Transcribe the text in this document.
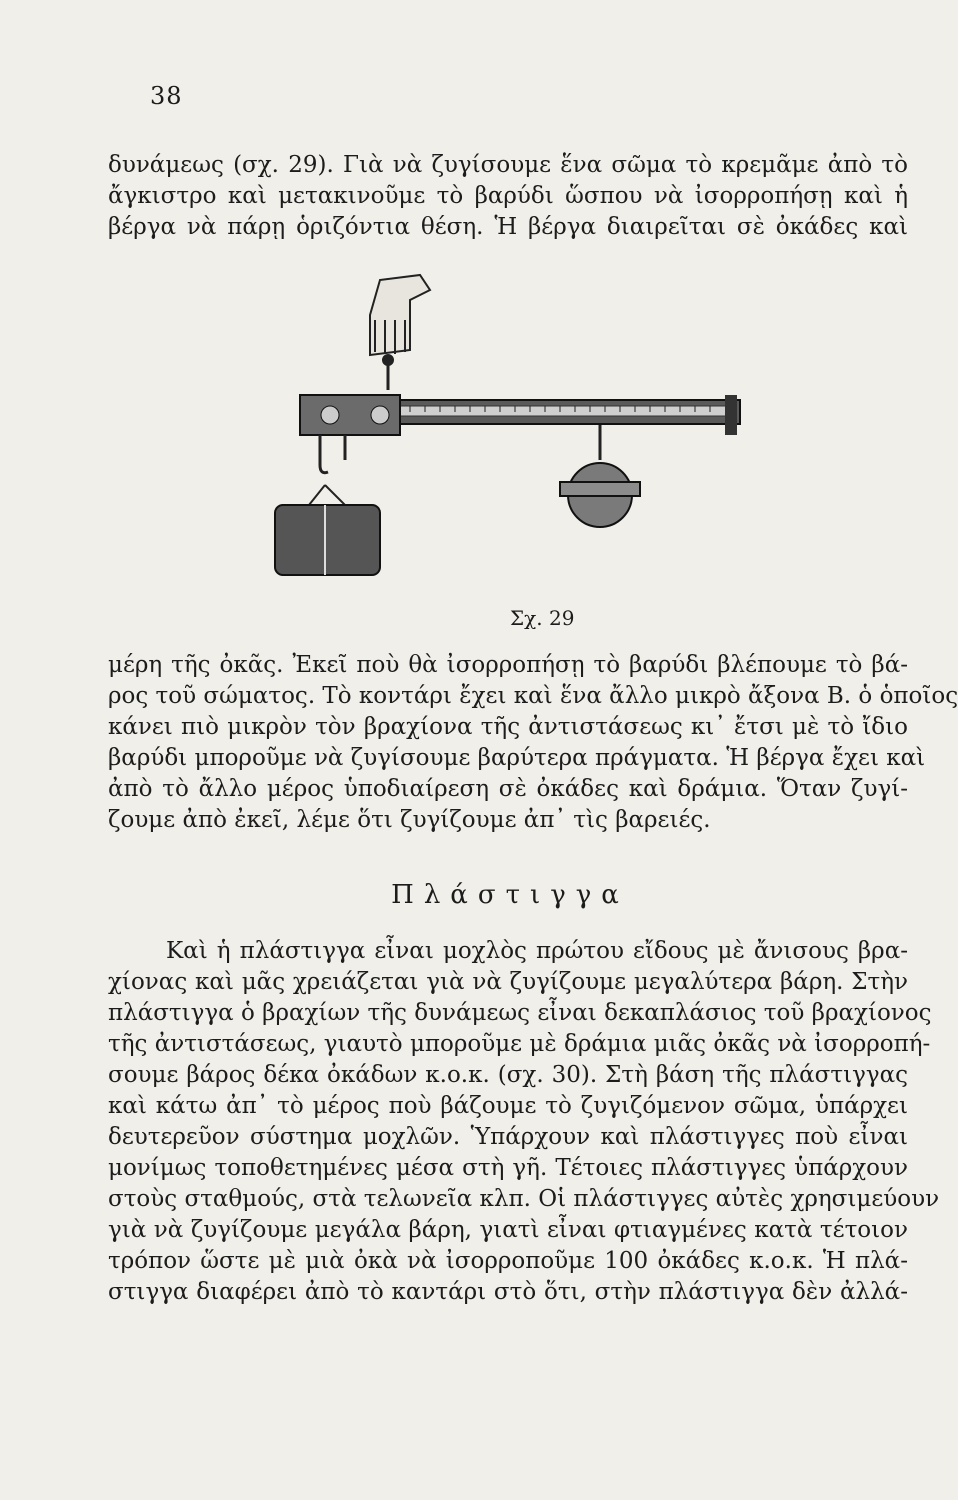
38
δυνάμεως (σχ. 29). Γιὰ νὰ ζυγίσουμε ἕνα σῶμα τὸ κρεμᾶμε ἀπὸ τὸ
ἄγκιστρο καὶ μετακινοῦμε τὸ βαρύδι ὥσπου νὰ ἰσορροπήσῃ καὶ ἡ
βέργα νὰ πάρῃ ὁριζόντια θέση. Ἡ βέργα διαιρεῖται σὲ ὀκάδες καὶ
Σχ. 29
μέρη τῆς ὀκᾶς. Ἐκεῖ ποὺ θὰ ἰσορροπήσῃ τὸ βαρύδι βλέπουμε τὸ βά-
ρος τοῦ σώματος. Τὸ κοντάρι ἔχει καὶ ἕνα ἄλλο μικρὸ ἄξονα Β. ὁ ὁποῖος
κάνει πιὸ μικρὸν τὸν βραχίονα τῆς ἀντιστάσεως κι᾽ ἔτσι μὲ τὸ ἴδιο
βαρύδι μποροῦμε νὰ ζυγίσουμε βαρύτερα πράγματα. Ἡ βέργα ἔχει καὶ
ἀπὸ τὸ ἄλλο μέρος ὑποδιαίρεση σὲ ὀκάδες καὶ δράμια. Ὅταν ζυγί-
ζουμε ἀπὸ ἐκεῖ, λέμε ὅτι ζυγίζουμε ἀπ᾽ τὶς βαρειές.
Πλάστιγγα
Καὶ ἡ πλάστιγγα εἶναι μοχλὸς πρώτου εἴδους μὲ ἄνισους βρα-
χίονας καὶ μᾶς χρειάζεται γιὰ νὰ ζυγίζουμε μεγαλύτερα βάρη. Στὴν
πλάστιγγα ὁ βραχίων τῆς δυνάμεως εἶναι δεκαπλάσιος τοῦ βραχίονος
τῆς ἀντιστάσεως, γιαυτὸ μποροῦμε μὲ δράμια μιᾶς ὀκᾶς νὰ ἰσορροπή-
σουμε βάρος δέκα ὀκάδων κ.ο.κ. (σχ. 30). Στὴ βάση τῆς πλάστιγγας
καὶ κάτω ἀπ᾽ τὸ μέρος ποὺ βάζουμε τὸ ζυγιζόμενον σῶμα, ὑπάρχει
δευτερεῦον σύστημα μοχλῶν. Ὑπάρχουν καὶ πλάστιγγες ποὺ εἶναι
μονίμως τοποθετημένες μέσα στὴ γῆ. Τέτοιες πλάστιγγες ὑπάρχουν
στοὺς σταθμούς, στὰ τελωνεῖα κλπ. Οἱ πλάστιγγες αὐτὲς χρησιμεύουν
γιὰ νὰ ζυγίζουμε μεγάλα βάρη, γιατὶ εἶναι φτιαγμένες κατὰ τέτοιον
τρόπον ὥστε μὲ μιὰ ὀκὰ νὰ ἰσορροποῦμε 100 ὀκάδες κ.ο.κ. Ἡ πλά-
στιγγα διαφέρει ἀπὸ τὸ καντάρι στὸ ὅτι, στὴν πλάστιγγα δὲν ἀλλά-
